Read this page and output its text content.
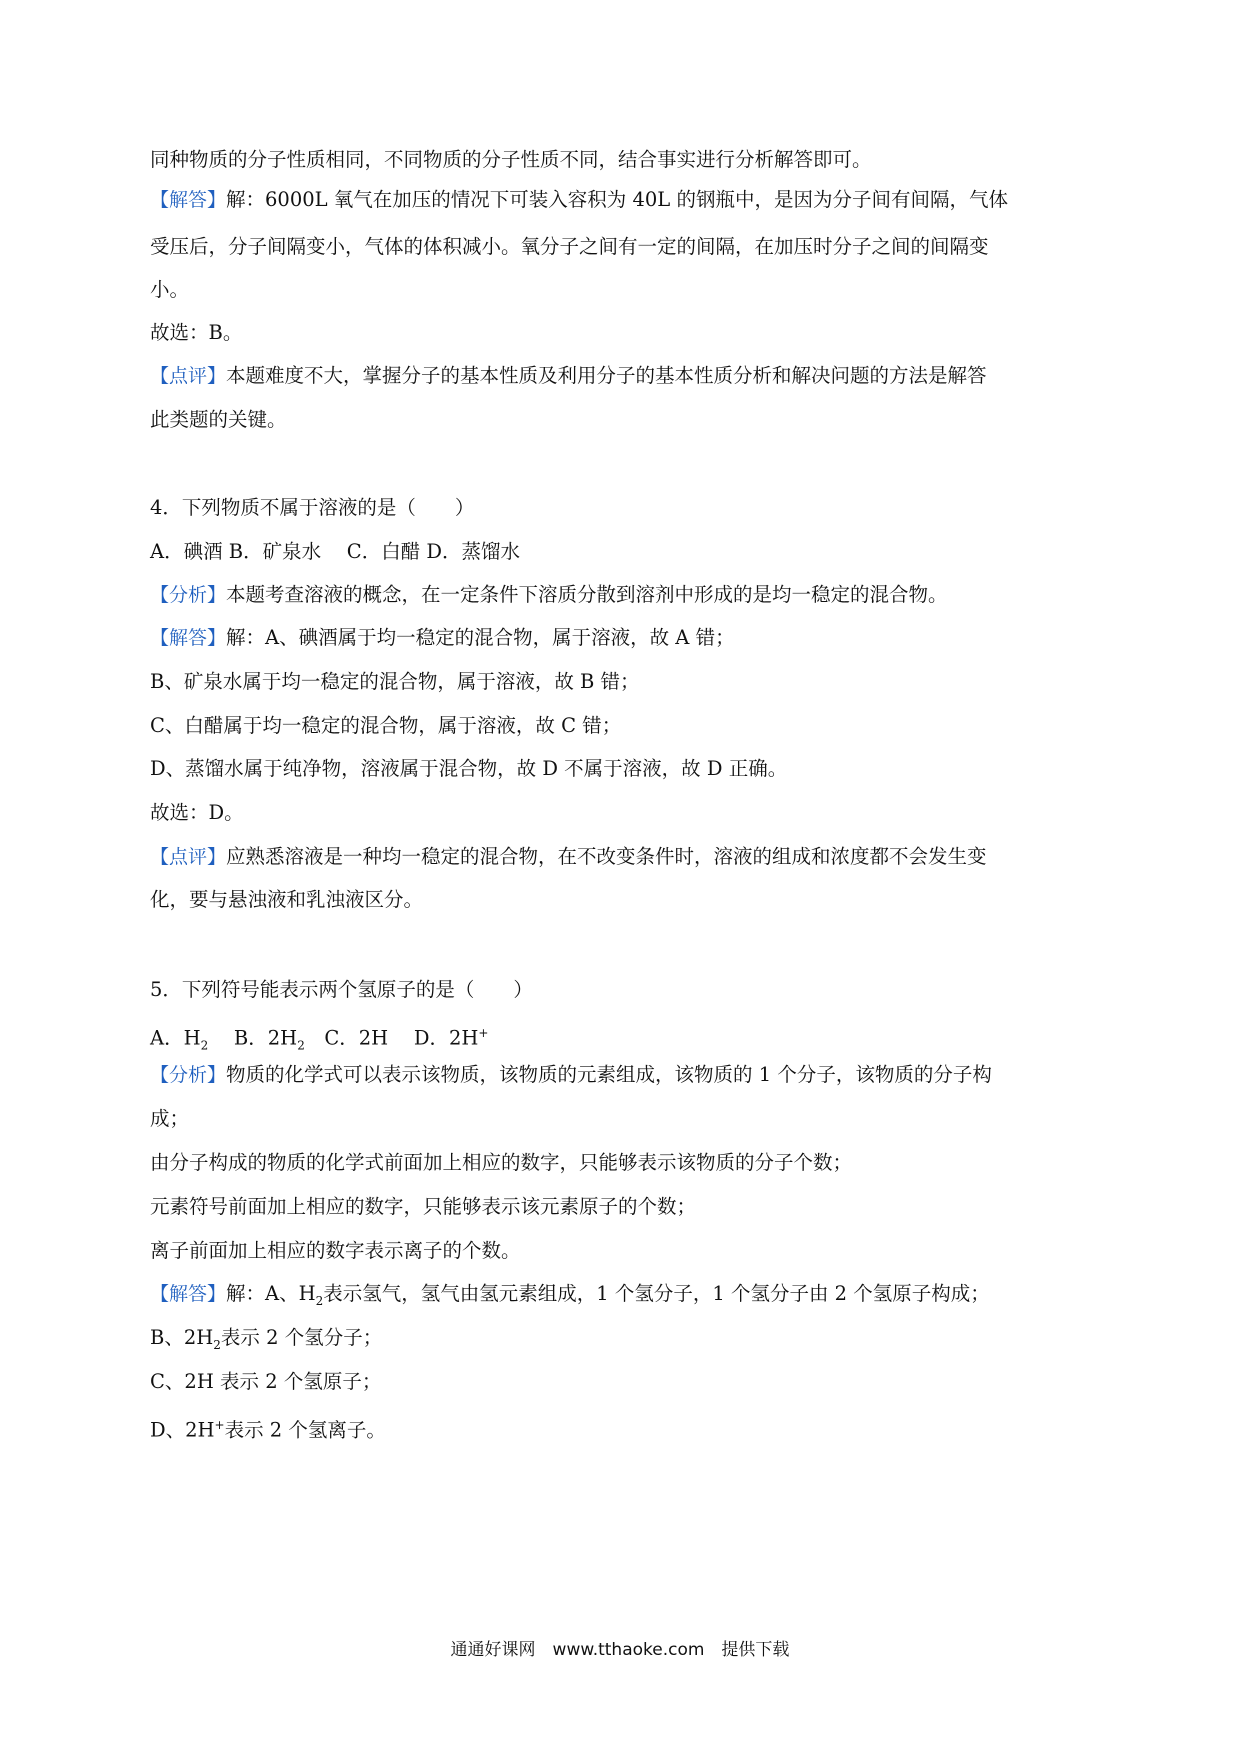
同种物质的分子性质相同，不同物质的分子性质不同，结合事实进行分析解答即可。
【解答】解：6000L 氧气在加压的情况下可装入容积为 40L 的钢瓶中，是因为分子间有间隔，气体
受压后，分子间隔变小，气体的体积减小。氧分子之间有一定的间隔，在加压时分子之间的间隔变
小。
故选：B。
【点评】本题难度不大，掌握分子的基本性质及利用分子的基本性质分析和解决问题的方法是解答
此类题的关键。
4．下列物质不属于溶液的是（　　）
A．碘酒 B．矿泉水　 C．白醋 D．蒸馏水
【分析】本题考查溶液的概念，在一定条件下溶质分散到溶剂中形成的是均一稳定的混合物。
【解答】解：A、碘酒属于均一稳定的混合物，属于溶液，故 A 错；
B、矿泉水属于均一稳定的混合物，属于溶液，故 B 错；
C、白醋属于均一稳定的混合物，属于溶液，故 C 错；
D、蒸馏水属于纯净物，溶液属于混合物，故 D 不属于溶液，故 D 正确。
故选：D。
【点评】应熟悉溶液是一种均一稳定的混合物，在不改变条件时，溶液的组成和浓度都不会发生变
化，要与悬浊液和乳浊液区分。
5．下列符号能表示两个氢原子的是（　　）
A．$H_2$　 B．$2H_2$　C．2H　 D．2H+
【分析】物质的化学式可以表示该物质，该物质的元素组成，该物质的 1 个分子，该物质的分子构
成；
由分子构成的物质的化学式前面加上相应的数字，只能够表示该物质的分子个数；
元素符号前面加上相应的数字，只能够表示该元素原子的个数；
离子前面加上相应的数字表示离子的个数。
【解答】解：A、$H_2$表示氢气，氢气由氢元素组成，1 个氢分子，1 个氢分子由 2 个氢原子构成；
B、$2H_2$表示 2 个氢分子；
C、2H 表示 2 个氢原子；
D、2H+表示 2 个氢离子。
通通好课网　www.tthaoke.com　提供下载
